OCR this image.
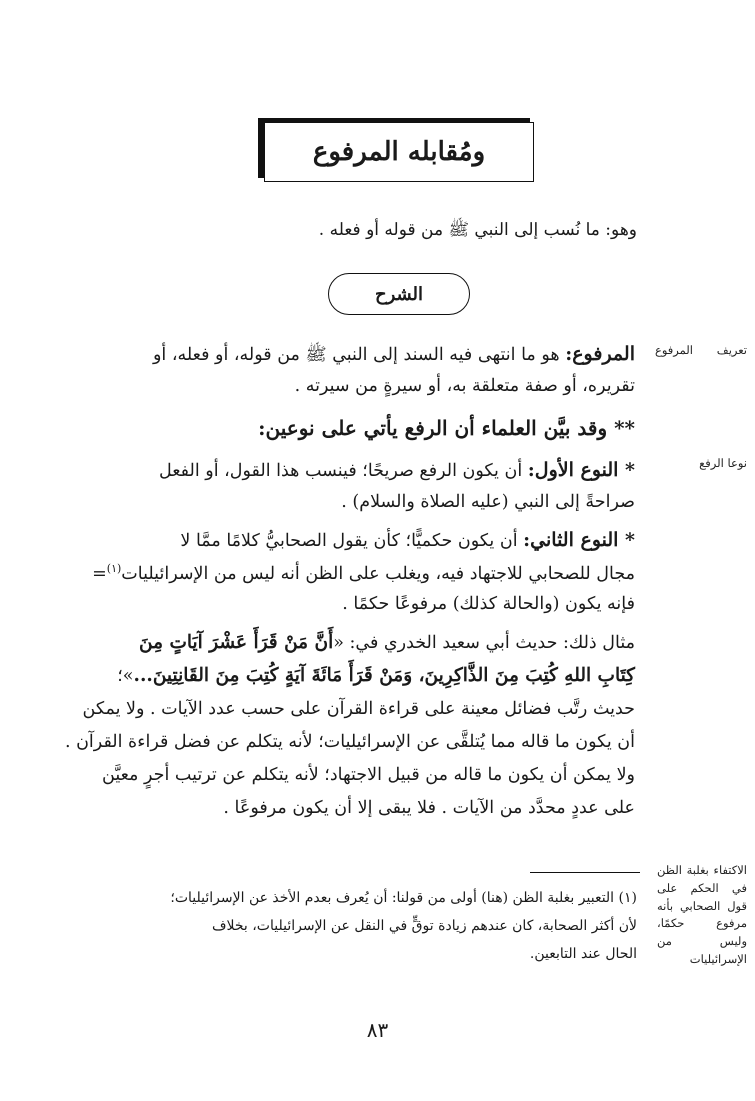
ومُقابله المرفوع
وهو: ما نُسب إلى النبي ﷺ من قوله أو فعله .
الشرح
المرفوع: هو ما انتهى فيه السند إلى النبي ﷺ من قوله، أو فعله، أو
تقريره، أو صفة متعلقة به، أو سيرةٍ من سيرته .
** وقد بيَّن العلماء أن الرفع يأتي على نوعين:
* النوع الأول: أن يكون الرفع صريحًا؛ فينسب هذا القول، أو الفعل
صراحةً إلى النبي (عليه الصلاة والسلام) .
* النوع الثاني: أن يكون حكميًّا؛ كأن يقول الصحابيُّ كلامًا ممَّا لا
مجال للصحابي للاجتهاد فيه، ويغلب على الظن أنه ليس من الإسرائيليات$^{(١)}$=
فإنه يكون (والحالة كذلك) مرفوعًا حكمًا .
مثال ذلك: حديث أبي سعيد الخدري في: «أَنَّ مَنْ قَرَأَ عَشْرَ آيَاتٍ مِنَ
كِتَابِ اللهِ كُتِبَ مِنَ الذَّاكِرِينَ، وَمَنْ قَرَأَ مَائَةَ آيَةٍ كُتِبَ مِنَ القَانِتِينَ...»؛
حديث رتَّب فضائل معينة على قراءة القرآن على حسب عدد الآيات . ولا يمكن
أن يكون ما قاله مما يُتلقَّى عن الإسرائيليات؛ لأنه يتكلم عن فضل قراءة القرآن .
ولا يمكن أن يكون ما قاله من قبيل الاجتهاد؛ لأنه يتكلم عن ترتيب أجرٍ معيَّن
على عددٍ محدَّد من الآيات . فلا يبقى إلا أن يكون مرفوعًا .
تعريف المرفوع
نوعا الرفع
الاكتفاء بغلبة الظن في الحكم على قول الصحابي بأنه مرفوع حكمًا، وليس من الإسرائيليات
(١) التعبير بغلبة الظن (هنا) أولى من قولنا: أن يُعرف بعدم الأخذ عن الإسرائيليات؛
لأن أكثر الصحابة، كان عندهم زيادة توقٍّ في النقل عن الإسرائيليات، بخلاف
الحال عند التابعين.
٨٣
